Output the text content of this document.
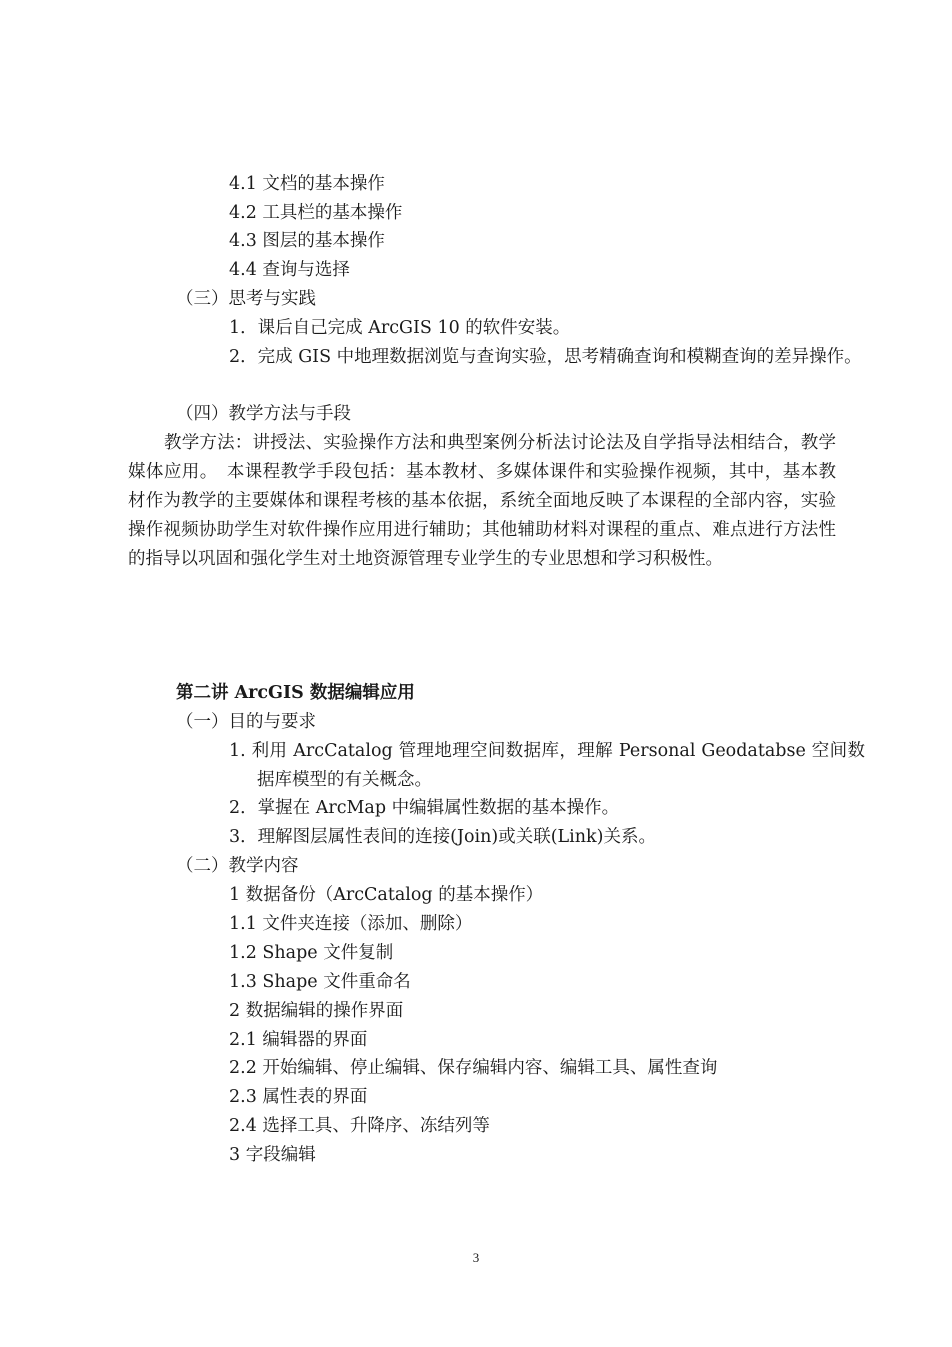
4.1 文档的基本操作
4.2 工具栏的基本操作
4.3 图层的基本操作
4.4 查询与选择
（三）思考与实践
1．课后自己完成 ArcGIS 10 的软件安装。
2．完成 GIS 中地理数据浏览与查询实验，思考精确查询和模糊查询的差异操作。
（四）教学方法与手段
教学方法：讲授法、实验操作方法和典型案例分析法讨论法及自学指导法相结合，教学媒体应用。　本课程教学手段包括：基本教材、多媒体课件和实验操作视频，其中，基本教材作为教学的主要媒体和课程考核的基本依据，系统全面地反映了本课程的全部内容，实验操作视频协助学生对软件操作应用进行辅助；其他辅助材料对课程的重点、难点进行方法性的指导以巩固和强化学生对土地资源管理专业学生的专业思想和学习积极性。
第二讲 ArcGIS 数据编辑应用
（一）目的与要求
1. 利用 ArcCatalog 管理地理空间数据库，理解 Personal Geodatabse 空间数据库模型的有关概念。
2．掌握在 ArcMap 中编辑属性数据的基本操作。
3．理解图层属性表间的连接(Join)或关联(Link)关系。
（二）教学内容
1 数据备份（ArcCatalog 的基本操作）
1.1 文件夹连接（添加、删除）
1.2 Shape 文件复制
1.3 Shape 文件重命名
2 数据编辑的操作界面
2.1 编辑器的界面
2.2 开始编辑、停止编辑、保存编辑内容、编辑工具、属性查询
2.3 属性表的界面
2.4 选择工具、升降序、冻结列等
3 字段编辑
3
